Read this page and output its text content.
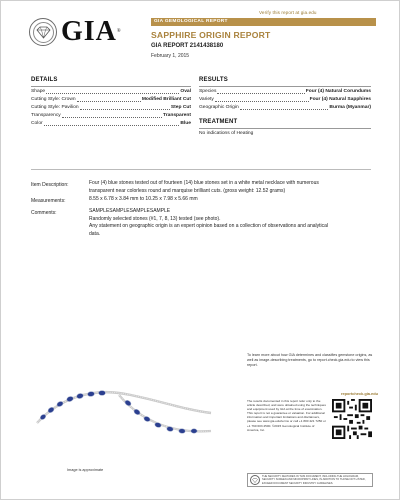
Verify this report at gia.edu
GIA®
GIA GEMOLOGICAL REPORT
SAPPHIRE ORIGIN REPORT
GIA REPORT 2141438180
February 1, 2015
DETAILS
Shape	Oval
Cutting Style: Crown	Modified Brilliant Cut
Cutting Style: Pavilion	Step Cut
Transparency	Transparent
Color	Blue
RESULTS
Species	Four (4) Natural Corundums
Variety	Four (4) Natural Sapphires
Geographic Origin	Burma (Myanmar)
TREATMENT
No indications of Heating
Item Description:	Four (4) blue stones tested out of fourteen (14) blue stones set in a white metal necklace with numerous
transparent near colorless round and marquise brilliant cuts. (gross weight: 12.52 grams)
Measurements:	8.55 x 6.78 x 3.84 mm to 10.25 x 7.98 x 5.66 mm
Comments:	SAMPLESAMPLESAMPLESAMPLE
Randomly selected stones (#1, 7, 8, 13) tested (see photo).
Any statement on geographic origin is an expert opinion based on a collection of observations and analytical
data.
To learn more about how GIA determines and classifies gemstone origins, as well as image-describing treatments, go to report.check.gia.edu to view this report.
Image is approximate
reportcheck.gia.edu
The results documented in this report refer only to the article described, and were obtained using the techniques and equipment used by GIA at the time of examination. This report is not a guarantee or valuation. For additional information and important limitations and disclaimers, please see www.gia.edu/terms or call +1 800 421 7250 or +1 760 603 4500. ©2015 Gemological Institute of America, Inc.
THE SECURITY FEATURES IN THIS DOCUMENT, INCLUDING THE HOLOGRAM, SECURITY SCREEN AND MICROPRINT LINES, IN ADDITION TO THOSE NOT LISTED, EXCEED DOCUMENT SECURITY INDUSTRY GUIDELINES.
